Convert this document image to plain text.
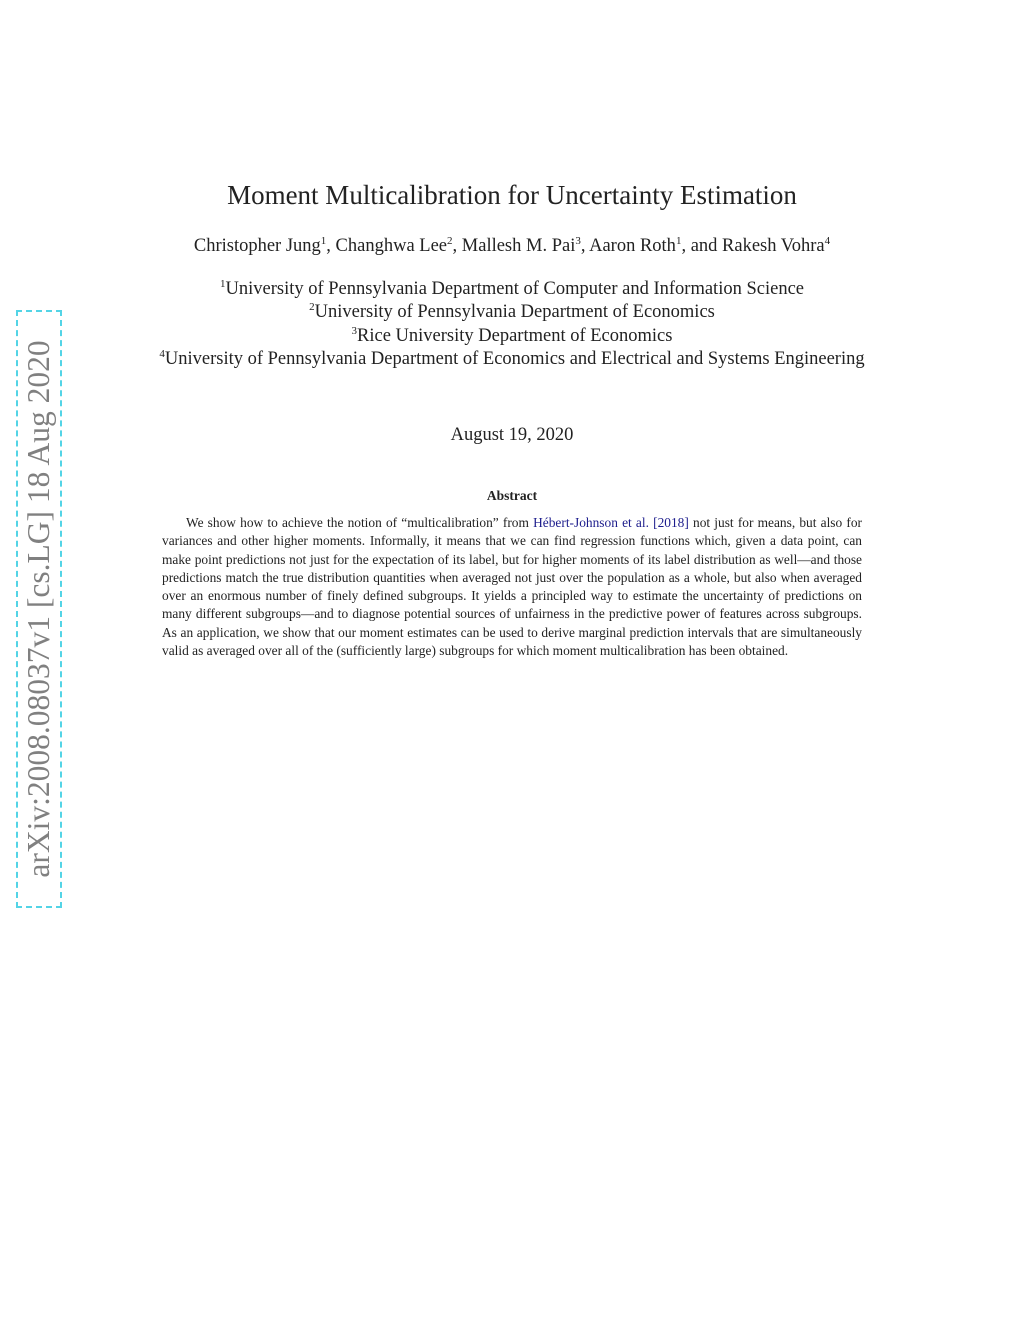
arXiv:2008.08037v1 [cs.LG] 18 Aug 2020
Moment Multicalibration for Uncertainty Estimation
Christopher Jung$^1$, Changhwa Lee$^2$, Mallesh M. Pai$^3$, Aaron Roth$^1$, and Rakesh Vohra$^4$
$^1$University of Pennsylvania Department of Computer and Information Science
$^2$University of Pennsylvania Department of Economics
$^3$Rice University Department of Economics
$^4$University of Pennsylvania Department of Economics and Electrical and Systems Engineering
August 19, 2020
Abstract

We show how to achieve the notion of “multicalibration” from Hébert-Johnson et al. [2018] not just for means, but also for variances and other higher moments. Informally, it means that we can find regression functions which, given a data point, can make point predictions not just for the expectation of its label, but for higher moments of its label distribution as well—and those predictions match the true distribution quantities when averaged not just over the population as a whole, but also when averaged over an enormous number of finely defined subgroups. It yields a principled way to estimate the uncertainty of predictions on many different subgroups—and to diagnose potential sources of unfairness in the predictive power of features across subgroups. As an application, we show that our moment estimates can be used to derive marginal prediction intervals that are simultaneously valid as averaged over all of the (sufficiently large) subgroups for which moment multicalibration has been obtained.
